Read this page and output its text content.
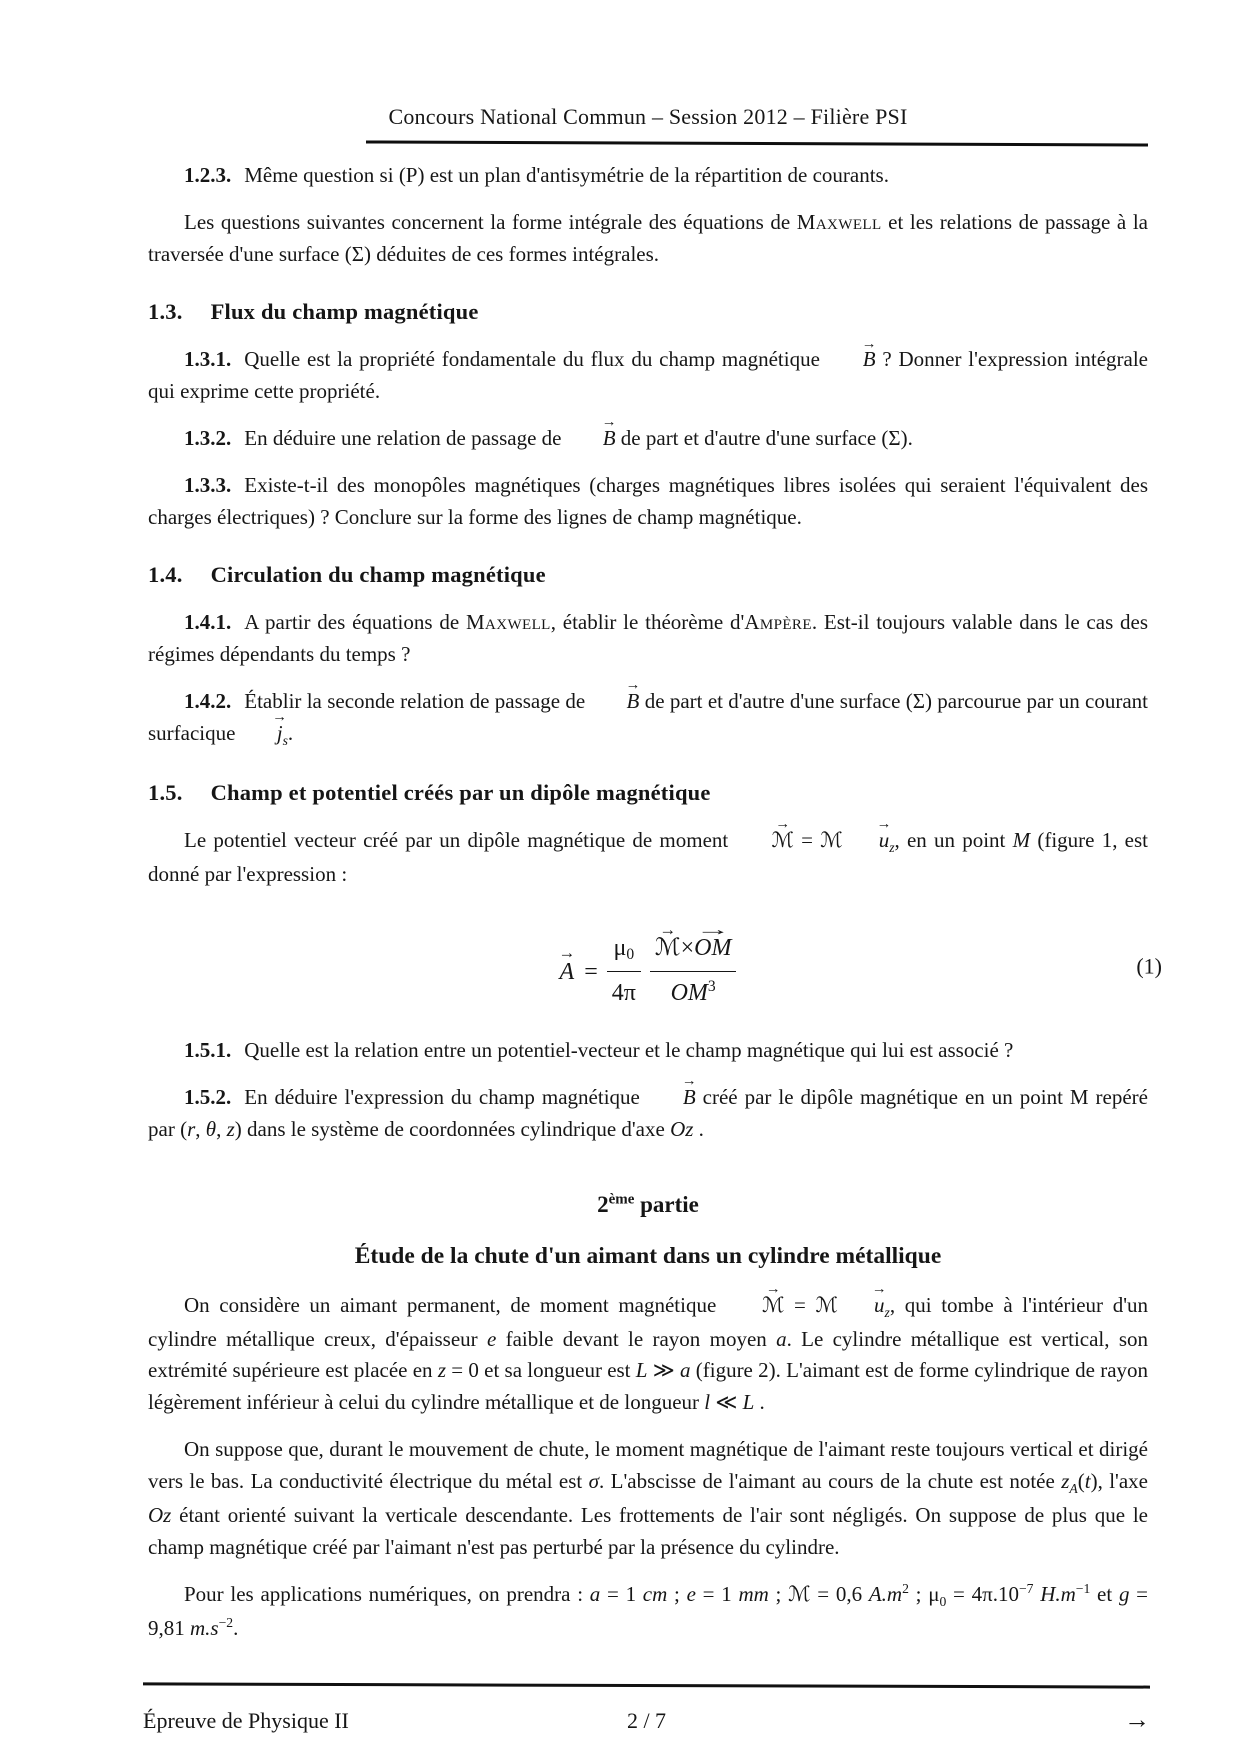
Concours National Commun – Session 2012 – Filière PSI

1.2.3. Même question si (P) est un plan d'antisymétrie de la répartition de courants.

Les questions suivantes concernent la forme intégrale des équations de Maxwell et les relations de passage à la traversée d'une surface (Σ) déduites de ces formes intégrales.

1.3. Flux du champ magnétique

1.3.1. Quelle est la propriété fondamentale du flux du champ magnétique → B ? Donner l'expression intégrale qui exprime cette propriété.

1.3.2. En déduire une relation de passage de → B de part et d'autre d'une surface (Σ).

1.3.3. Existe-t-il des monopôles magnétiques (charges magnétiques libres isolées qui seraient l'équivalent des charges électriques) ? Conclure sur la forme des lignes de champ magnétique.

1.4. Circulation du champ magnétique

1.4.1. A partir des équations de Maxwell, établir le théorème d'Ampère. Est-il toujours valable dans le cas des régimes dépendants du temps ?

1.4.2. Établir la seconde relation de passage de → B de part et d'autre d'une surface (Σ) parcourue par un courant surfacique → $j_s$.

1.5. Champ et potentiel créés par un dipôle magnétique

Le potentiel vecteur créé par un dipôle magnétique de moment → ℳ = ℳ → $u_z$, en un point M (figure 1, est donné par l'expression :

→ $A = \frac{\mu 0}{4\pi} \to \frac{\text{ℳ × → OM}}{OM^3}$	(1)

1.5.1. Quelle est la relation entre un potentiel-vecteur et le champ magnétique qui lui est associé ?

1.5.2. En déduire l'expression du champ magnétique → B créé par le dipôle magnétique en un point M repéré par (r, θ, z) dans le système de coordonnées cylindrique d'axe Oz .

2ème partie
Étude de la chute d'un aimant dans un cylindre métallique

On considère un aimant permanent, de moment magnétique → ℳ = ℳ → $u_z$, qui tombe à l'intérieur d'un cylindre métallique creux, d'épaisseur e faible devant le rayon moyen a. Le cylindre métallique est vertical, son extrémité supérieure est placée en z = 0 et sa longueur est L ≫ a (figure 2). L'aimant est de forme cylindrique de rayon légèrement inférieur à celui du cylindre métallique et de longueur l ≪ L .

On suppose que, durant le mouvement de chute, le moment magnétique de l'aimant reste toujours vertical et dirigé vers le bas. La conductivité électrique du métal est σ. L'abscisse de l'aimant au cours de la chute est notée $z_A(t)$, l'axe Oz étant orienté suivant la verticale descendante. Les frottements de l'air sont négligés. On suppose de plus que le champ magnétique créé par l'aimant n'est pas perturbé par la présence du cylindre.

Pour les applications numériques, on prendra : a = 1 cm ; e = 1 mm ; ℳ = 0,6 $A.m^2$ ; $\mu_0 = 4\pi.10^{-7}$ $H.m^{-1}$ et g = 9,81 $m.s^{-2}$.

Épreuve de Physique II	2 / 7	→
